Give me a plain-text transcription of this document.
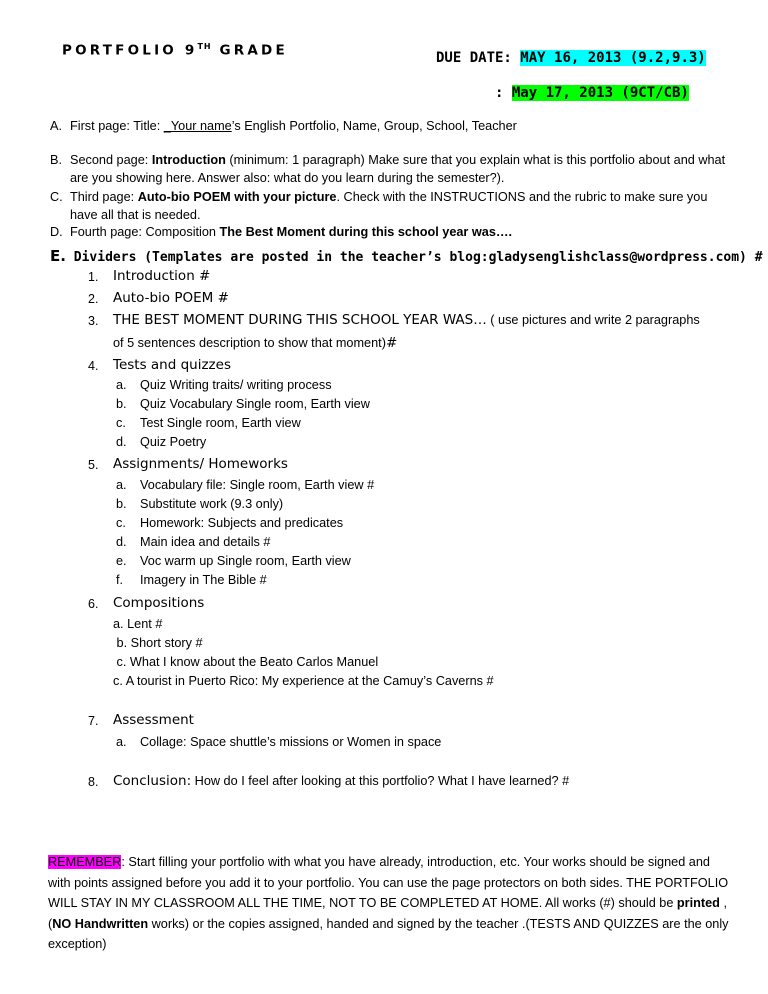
PORTFOLIO 9TH GRADE	DUE DATE: MAY 16, 2013 (9.2,9.3)
: May 17, 2013 (9CT/CB)
A. First page: Title: _Your name’s English Portfolio, Name, Group, School, Teacher
B. Second page: Introduction (minimum: 1 paragraph) Make sure that you explain what is this portfolio about and what are you showing here. Answer also: what do you learn during the semester?).
C. Third page: Auto-bio POEM with your picture. Check with the INSTRUCTIONS and the rubric to make sure you have all that is needed.
D. Fourth page: Composition The Best Moment during this school year was….
E. Dividers (Templates are posted in the teacher’s blog:gladysenglishclass@wordpress.com) #
1. Introduction #
2. Auto-bio POEM #
3. THE BEST MOMENT DURING THIS SCHOOL YEAR WAS… ( use pictures and write 2 paragraphs
of 5 sentences description to show that moment)#
4. Tests and quizzes
a. Quiz Writing traits/ writing process
b. Quiz Vocabulary Single room, Earth view
c. Test Single room, Earth view
d. Quiz Poetry
5. Assignments/ Homeworks
a. Vocabulary file: Single room, Earth view #
b. Substitute work (9.3 only)
c. Homework: Subjects and predicates
d. Main idea and details #
e. Voc warm up Single room, Earth view
f. Imagery in The Bible #
6. Compositions
a. Lent #
b. Short story #
c. What I know about the Beato Carlos Manuel
c. A tourist in Puerto Rico: My experience at the Camuy’s Caverns #
7. Assessment
a. Collage: Space shuttle’s missions or Women in space
8. Conclusion: How do I feel after looking at this portfolio? What I have learned? #
REMEMBER: Start filling your portfolio with what you have already, introduction, etc. Your works should be signed and with points assigned before you add it to your portfolio. You can use the page protectors on both sides. THE PORTFOLIO WILL STAY IN MY CLASSROOM ALL THE TIME, NOT TO BE COMPLETED AT HOME. All works (#) should be printed , (NO Handwritten works) or the copies assigned, handed and signed by the teacher .(TESTS AND QUIZZES are the only exception)
